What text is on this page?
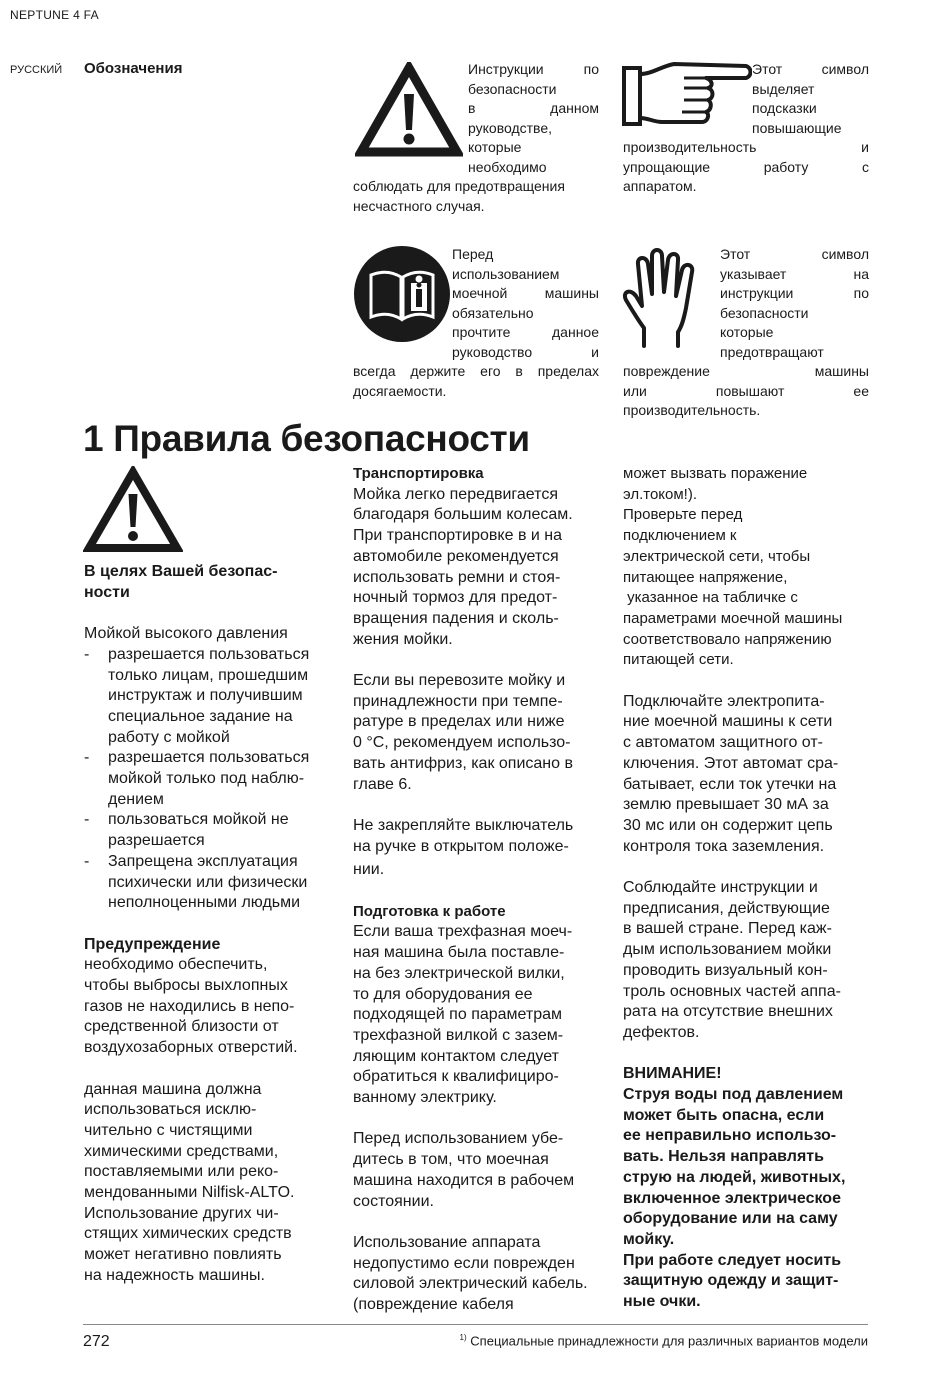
NEPTUNE 4 FA
РУССКИЙ Обозначения	Инструкции по
безопасности
в данном
руководстве,
которые
необходимо
соблюдать для предотвращения
несчастного случая.
Этот символ
выделяет
подсказки
повышающие
производительность и
упрощающие работу с
аппаратом.
Перед
использованием
моечной машины
обязательно
прочтите данное
руководство и
всегда держите его в пределах
досягаемости.
Этот символ
указывает на
инструкции по
безопасности
которые
предотвращают
повреждение машины
или повышают ее
производительность.
1 Правила безопасности

В целях Вашей безопас-
ности

Мойкой высокого давления

- разрешается пользоваться
только лицам, прошедшим
инструктаж и получившим
специальное задание на
работу с мойкой
- разрешается пользоваться
мойкой только под наблю-
дением
- пользоваться мойкой не
разрешается
- Запрещена эксплуатация
психически или физически
неполноценными людьми

Предупреждение

необходимо обеспечить,
чтобы выбросы выхлопных
газов не находились в непо-
средственной близости от
воздухозаборных отверстий.

данная машина должна
использоваться исклю-
чительно с чистящими
химическими средствами,
поставляемыми или реко-
мендованными Nilfisk-ALTO.
Использование других чи-
стящих химических средств
может негативно повлиять
на надежность машины.

Транспортировка

Мойка легко передвигается
благодаря большим колесам.
При транспортировке в и на
автомобиле рекомендуется
использовать ремни и стоя-
ночный тормоз для предот-
вращения падения и сколь-
жения мойки.

Если вы перевозите мойку и
принадлежности при темпе-
ратуре в пределах или ниже
0 °С, рекомендуем использо-
вать антифриз, как описано в
главе 6.

Не закрепляйте выключатель
на ручке в открытом положе-
нии.

Подготовка к работе

Если ваша трехфазная моеч-
ная машина была поставле-
на без электрической вилки,
то для оборудования ее
подходящей по параметрам
трехфазной вилкой с зазем-
ляющим контактом следует
обратиться к квалифициро-
ванному электрику.

Перед использованием убе-
дитесь в том, что моечная
машина находится в рабочем
состоянии.

Использование аппарата
недопустимо если поврежден
силовой электрический кабель.
(повреждение кабеля

может вызвать поражение
эл.током!).
Проверьте перед
подключением к
электрической сети, чтобы
питающее напряжение,
указанное на табличке с
параметрами моечной машины
соответствовало напряжению
питающей сети.

Подключайте электропита-
ние моечной машины к сети
с автоматом защитного от-
ключения. Этот автомат сра-
батывает, если ток утечки на
землю превышает 30 мА за
30 мс или он содержит цепь
контроля тока заземления.

Соблюдайте инструкции и
предписания, действующие
в вашей стране. Перед каж-
дым использованием мойки
проводить визуальный кон-
троль основных частей аппа-
рата на отсутствие внешних
дефектов.

ВНИМАНИЕ!

Струя воды под давлением
может быть опасна, если
ее неправильно использо-
вать. Нельзя направлять
струю на людей, животных,
включенное электрическое
оборудование или на саму
мойку.
При работе следует носить
защитную одежду и защит-
ные очки.

272	$^{1)}$ Специальные принадлежности для различных вариантов модели
